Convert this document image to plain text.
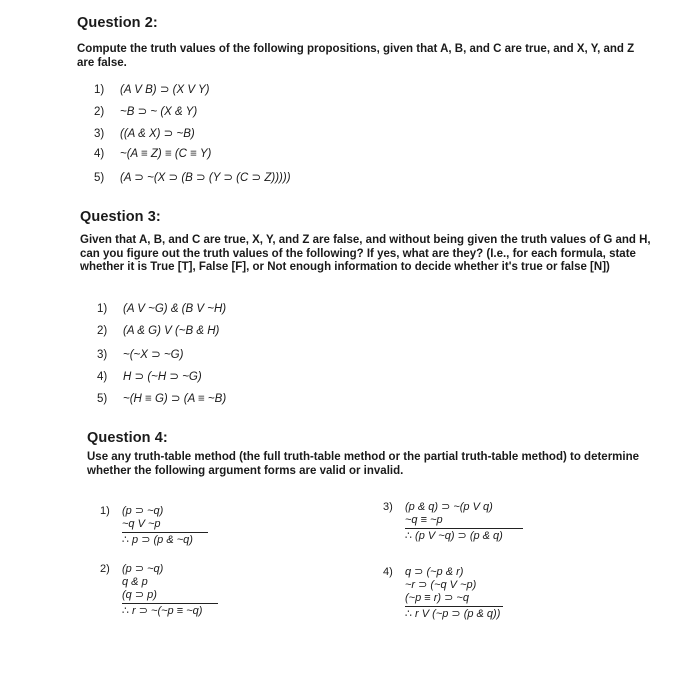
Question 2:
Compute the truth values of the following propositions, given that A, B, and C are true, and X, Y, and Z are false.
1)	(A V B) ⊃ (X V Y)
2)	~B ⊃ ~ (X & Y)
3)	((A & X) ⊃ ~B)
4)	~(A ≡ Z) ≡ (C ≡ Y)
5)	(A ⊃ ~(X ⊃ (B ⊃ (Y ⊃ (C ⊃ Z)))))
Question 3:
Given that A, B, and C are true, X, Y, and Z are false, and without being given the truth values of G and H, can you figure out the truth values of the following? If yes, what are they? (I.e., for each formula, state whether it is True [T], False [F], or Not enough information to decide whether it's true or false [N])
1)	(A V ~G) & (B V ~H)
2)	(A & G) V (~B & H)
3)	~(~X ⊃ ~G)
4)	H ⊃ (~H ⊃ ~G)
5)	~(H ≡ G) ⊃ (A ≡ ~B)
Question 4:
Use any truth-table method (the full truth-table method or the partial truth-table method) to determine whether the following argument forms are valid or invalid.
1) (p ⊃ ~q)
~q V ~p
∴ p ⊃ (p & ~q)
2) (p ⊃ ~q)
q & p
(q ⊃ p)
∴ r ⊃ ~(~p ≡ ~q)
3) (p & q) ⊃ ~(p V q)
~q ≡ ~p
∴ (p V ~q) ⊃ (p & q)
4) q ⊃ (~p & r)
~r ⊃ (~q V ~p)
(~p ≡ r) ⊃ ~q
∴ r V (~p ⊃ (p & q))
